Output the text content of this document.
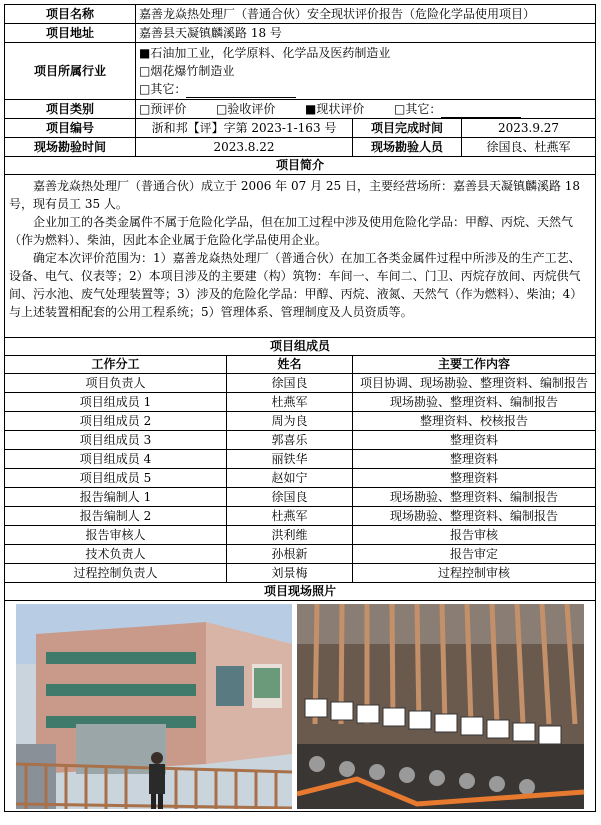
项目名称	嘉善龙焱热处理厂（普通合伙）安全现状评价报告（危险化学品使用项目）			
项目地址	嘉善县天凝镇麟溪路 18 号			
项目所属行业	■石油加工业，化学原料、化学品及医药制造业
□烟花爆竹制造业
□其它：			

项目类别	□预评价 □验收评价 ■现状评价 □其它：			
项目编号	浙和邦【评】字第 2023-1-163 号		项目完成时间	2023.9.27
现场勘验时间	2023.8.22		现场勘验人员	徐国良、杜燕军
项目简介				

嘉善龙焱热处理厂（普通合伙）成立于 2006 年 07 月 25 日，主要经营场所：嘉善县天凝镇麟溪路 18 号，现有员工 35 人。

企业加工的各类金属件不属于危险化学品，但在加工过程中涉及使用危险化学品：甲醇、丙烷、天然气（作为燃料）、柴油，因此本企业属于危险化学品使用企业。

确定本次评价范围为：1）嘉善龙焱热处理厂（普通合伙）在加工各类金属件过程中所涉及的生产工艺、设备、电气、仪表等；2）本项目涉及的主要建（构）筑物：车间一、车间二、门卫、丙烷存放间、丙烷供气间、污水池、废气处理装置等；3）涉及的危险化学品：甲醇、丙烷、液氮、天然气（作为燃料）、柴油；4）与上述装置相配套的公用工程系统；5）管理体系、管理制度及人员资质等。				

项目组成员				
工作分工		姓名	主要工作内容	
项目负责人		徐国良	项目协调、现场勘验、整理资料、编制报告	
项目组成员 1		杜燕军	现场勘验、整理资料、编制报告	
项目组成员 2		周为良	整理资料、校核报告	
项目组成员 3		郭喜乐	整理资料	
项目组成员 4		丽铁华	整理资料	
项目组成员 5		赵如宁	整理资料	
报告编制人 1		徐国良	现场勘验、整理资料、编制报告	
报告编制人 2		杜燕军	现场勘验、整理资料、编制报告	
报告审核人		洪利维	报告审核	
技术负责人		孙根新	报告审定	
过程控制负责人		刘景梅	过程控制审核	
项目现场照片				
